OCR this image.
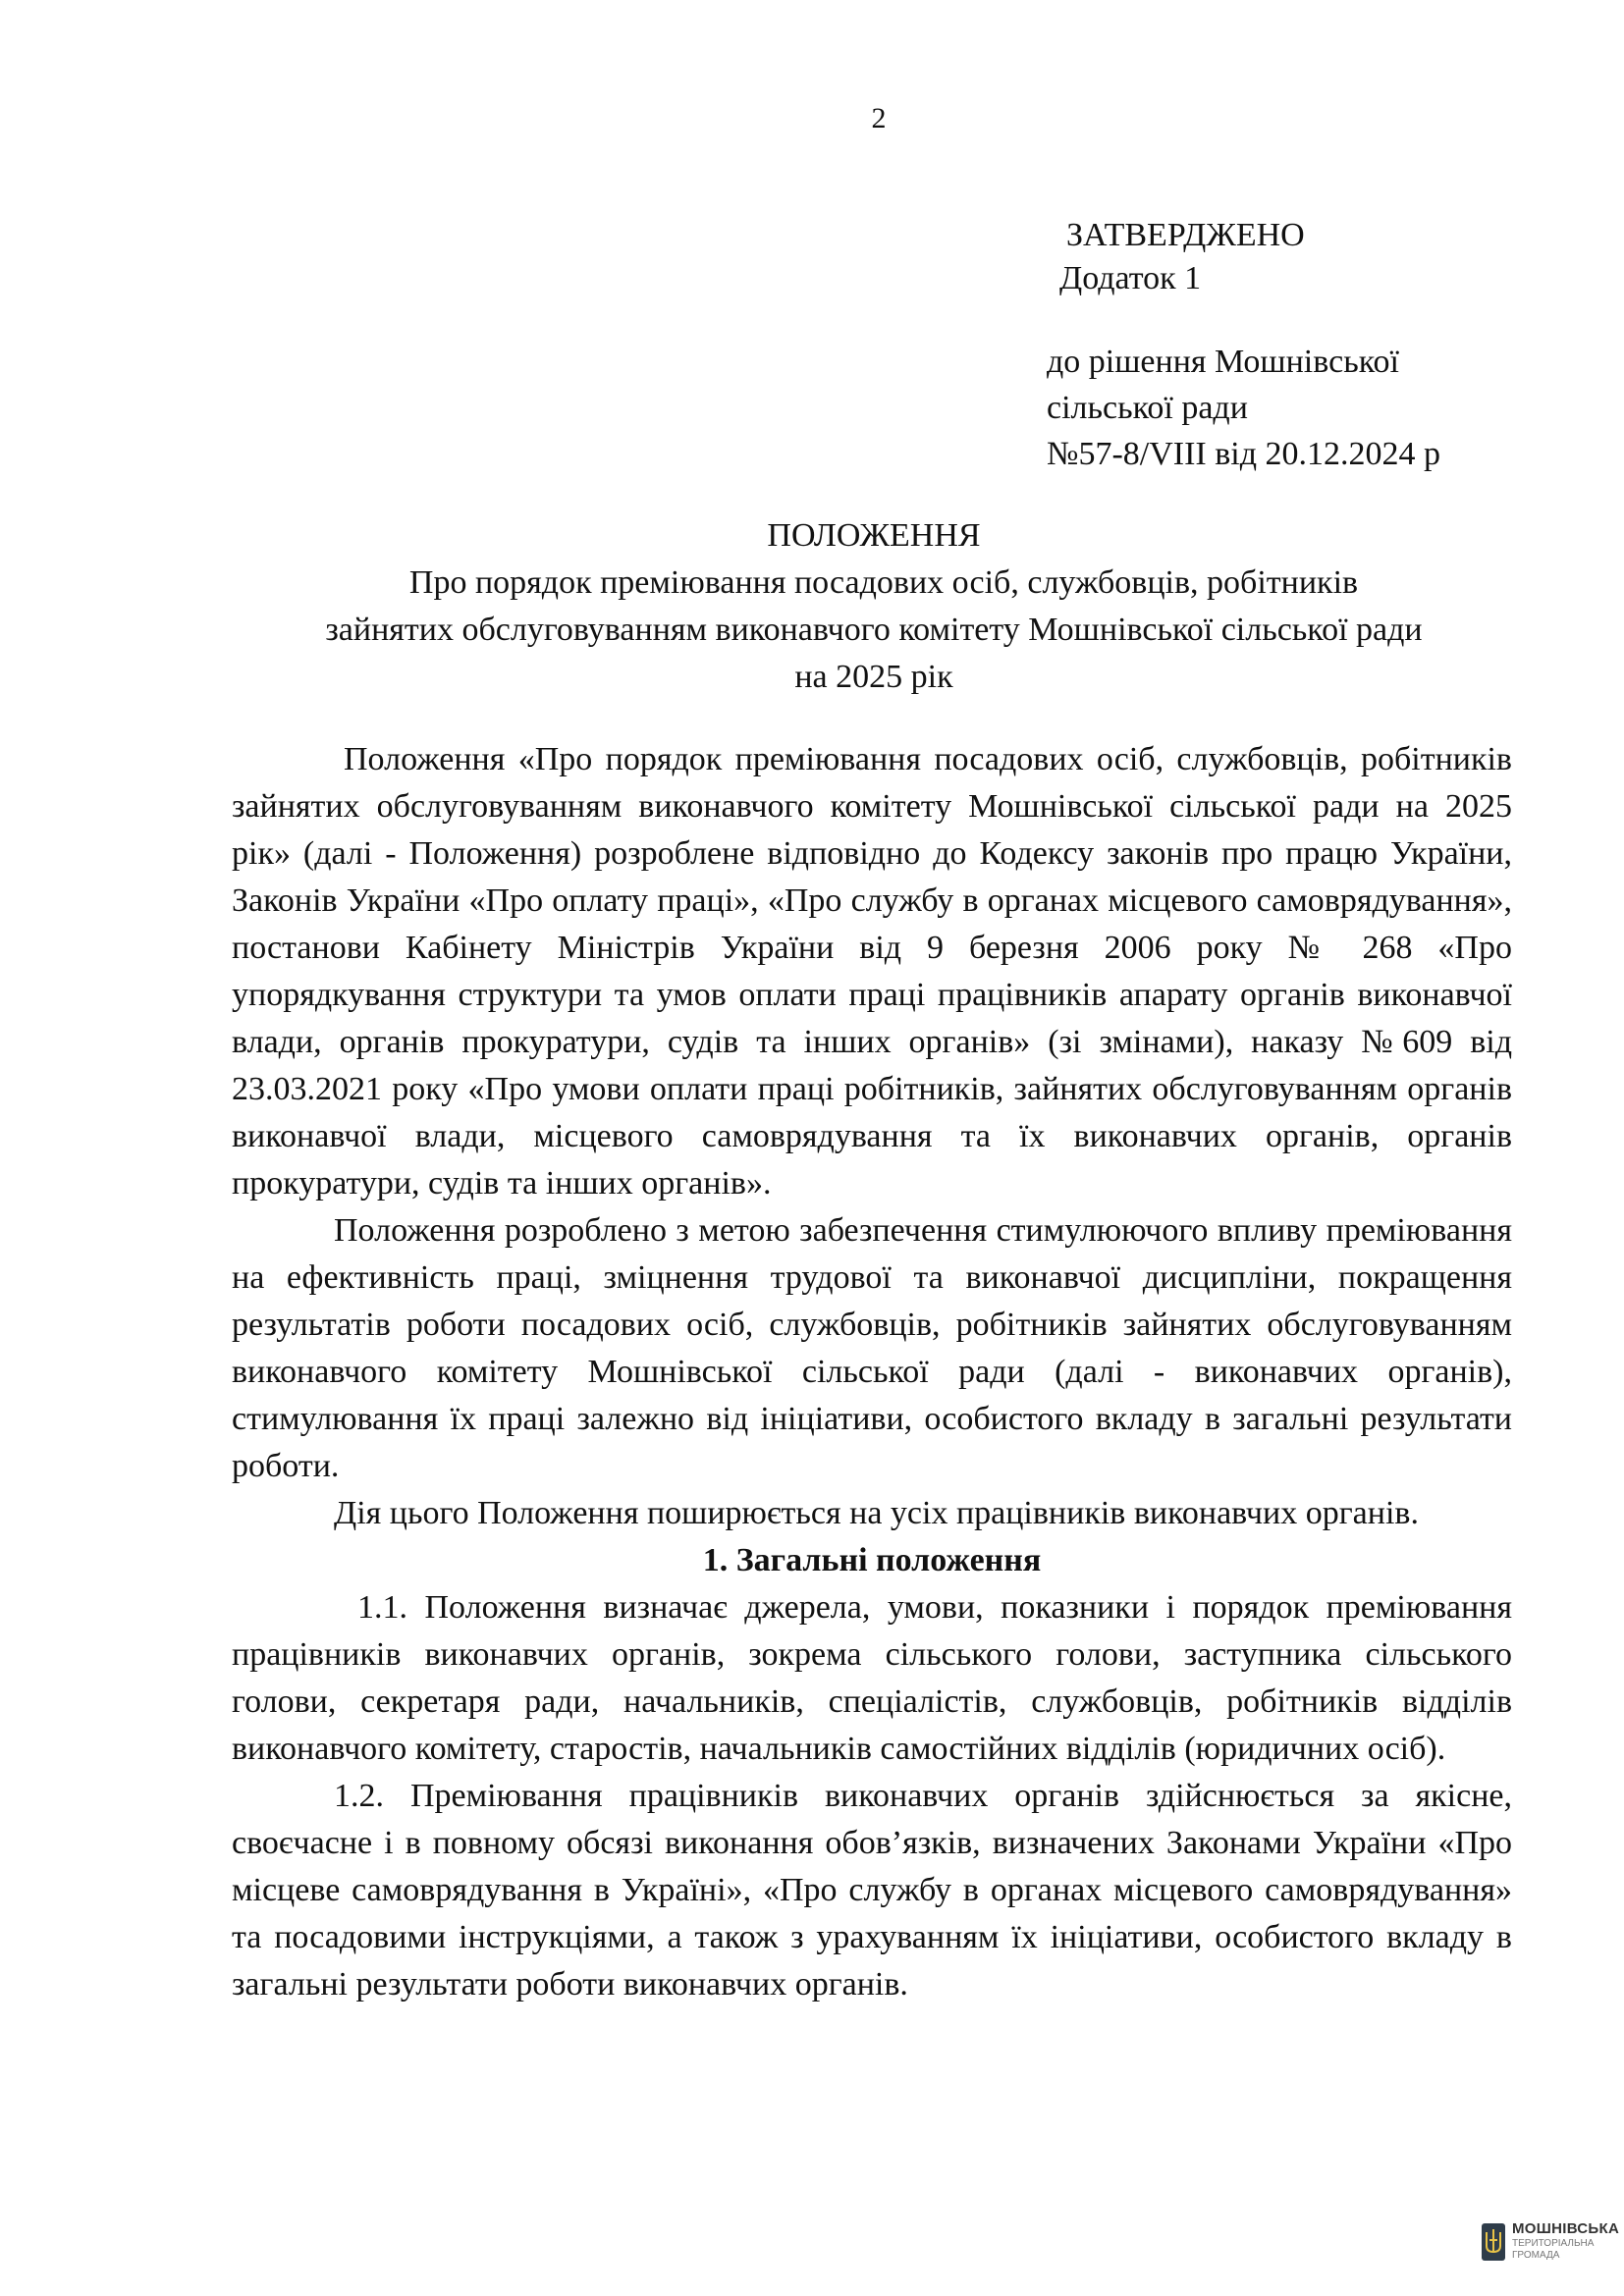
2
ЗАТВЕРДЖЕНО
Додаток 1
до рішення Мошнівської
сільської ради
№57-8/VIII від 20.12.2024 р
ПОЛОЖЕННЯ
Про порядок преміювання посадових осіб, службовців, робітників
зайнятих обслуговуванням виконавчого комітету Мошнівської сільської ради
на 2025 рік

Положення «Про порядок преміювання посадових осіб, службовців, робітників зайнятих обслуговуванням виконавчого комітету Мошнівської сільської ради на 2025 рік» (далі - Положення) розроблене відповідно до Кодексу законів про працю України, Законів України «Про оплату праці», «Про службу в органах місцевого самоврядування», постанови Кабінету Міністрів України від 9 березня 2006 року № 268 «Про упорядкування структури та умов оплати праці працівників апарату органів виконавчої влади, органів прокуратури, судів та інших органів» (зі змінами), наказу №609 від 23.03.2021 року «Про умови оплати праці робітників, зайнятих обслуговуванням органів виконавчої влади, місцевого самоврядування та їх виконавчих органів, органів прокуратури, судів та інших органів».

Положення розроблено з метою забезпечення стимулюючого впливу преміювання на ефективність праці, зміцнення трудової та виконавчої дисципліни, покращення результатів роботи посадових осіб, службовців, робітників зайнятих обслуговуванням виконавчого комітету Мошнівської сільської ради (далі - виконавчих органів), стимулювання їх праці залежно від ініціативи, особистого вкладу в загальні результати роботи.

Дія цього Положення поширюється на усіх працівників виконавчих органів.

1. Загальні положення

1.1. Положення визначає джерела, умови, показники і порядок преміювання працівників виконавчих органів, зокрема сільського голови, заступника сільського голови, секретаря ради, начальників, спеціалістів, службовців, робітників відділів виконавчого комітету, старостів, начальників самостійних відділів (юридичних осіб).

1.2. Преміювання працівників виконавчих органів здійснюється за якісне, своєчасне і в повному обсязі виконання обов’язків, визначених Законами України «Про місцеве самоврядування в Україні», «Про службу в органах місцевого самоврядування» та посадовими інструкціями, а також з урахуванням їх ініціативи, особистого вкладу в загальні результати роботи виконавчих органів.

МОШНІВСЬКА
ТЕРИТОРІАЛЬНА
ГРОМАДА
